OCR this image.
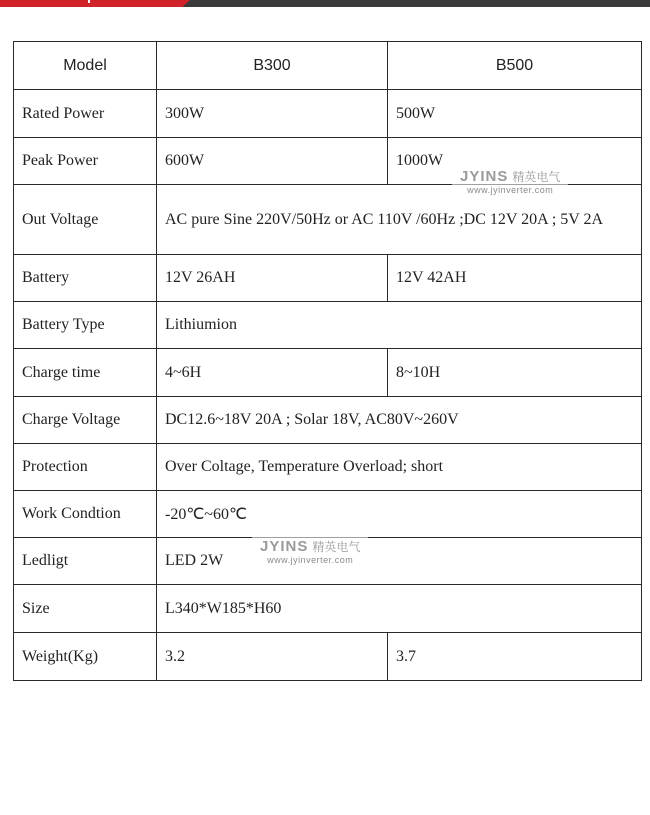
Model	B300	B500
Rated Power	300W	500W
Peak Power	600W	1000W
Out Voltage	AC pure Sine 220V/50Hz or AC 110V /60Hz ;DC 12V 20A ; 5V 2A	
Battery	12V 26AH	12V 42AH
Battery Type	Lithiumion	
Charge time	4~6H	8~10H
Charge Voltage	DC12.6~18V 20A ; Solar 18V, AC80V~260V	
Protection	Over Coltage, Temperature Overload; short	
Work Condtion	-20℃~60℃	
Ledligt	LED 2W	
Size	L340*W185*H60	
Weight(Kg)	3.2	3.7
JYINS 精英电气
www.jyinverter.com
JYINS 精英电气
www.jyinverter.com
